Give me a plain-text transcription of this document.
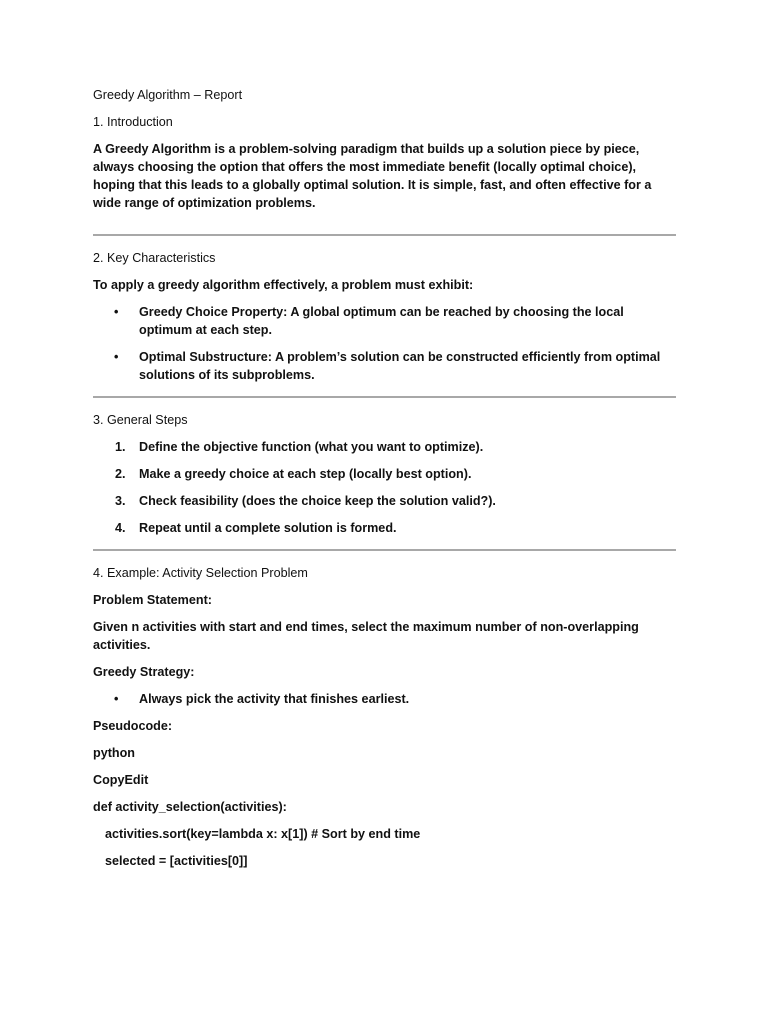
Greedy Algorithm – Report

1. Introduction

A Greedy Algorithm is a problem-solving paradigm that builds up a solution piece by piece, always choosing the option that offers the most immediate benefit (locally optimal choice), hoping that this leads to a globally optimal solution. It is simple, fast, and often effective for a wide range of optimization problems.

2. Key Characteristics

To apply a greedy algorithm effectively, a problem must exhibit:

• Greedy Choice Property: A global optimum can be reached by choosing the local optimum at each step.
• Optimal Substructure: A problem’s solution can be constructed efficiently from optimal solutions of its subproblems.

3. General Steps

1. Define the objective function (what you want to optimize).
2. Make a greedy choice at each step (locally best option).
3. Check feasibility (does the choice keep the solution valid?).
4. Repeat until a complete solution is formed.

4. Example: Activity Selection Problem

Problem Statement:

Given n activities with start and end times, select the maximum number of non-overlapping activities.

Greedy Strategy:

• Always pick the activity that finishes earliest.

Pseudocode:

python

CopyEdit

def activity_selection(activities):

activities.sort(key=lambda x: x[1]) # Sort by end time

selected = [activities[0]]
